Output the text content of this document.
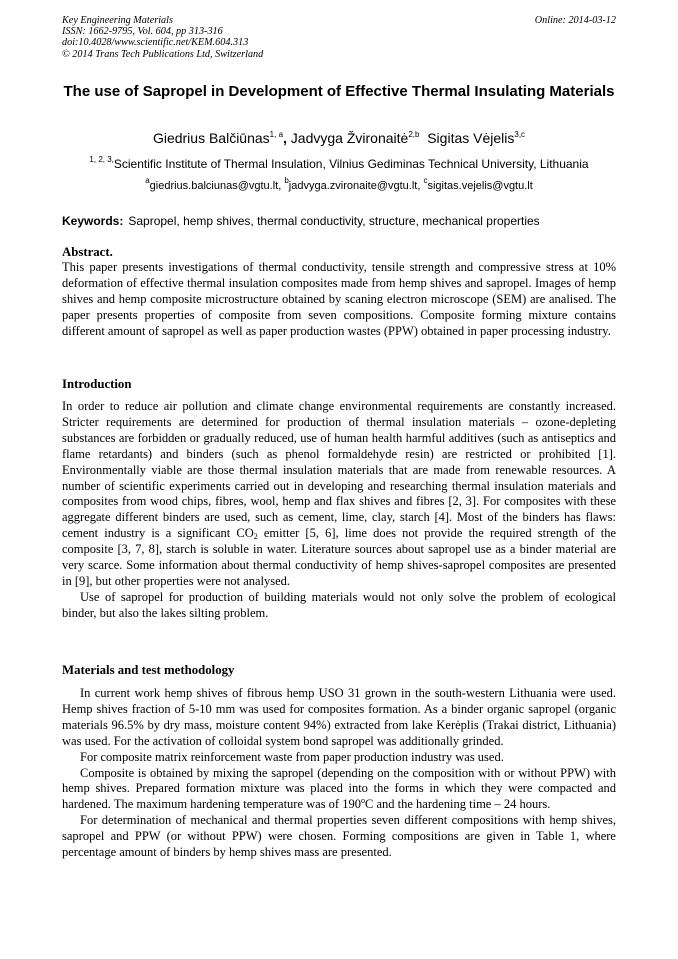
Key Engineering Materials
ISSN: 1662-9795, Vol. 604, pp 313-316
doi:10.4028/www.scientific.net/KEM.604.313
© 2014 Trans Tech Publications Ltd, Switzerland
Online: 2014-03-12
The use of Sapropel in Development of Effective Thermal Insulating Materials
Giedrius Balčiūnas$^{1, a}$, Jadvyga Žvironaitė$^{2,b}$ Sigitas Vėjelis$^{3,c}$
$^{1, 2, 3,}$Scientific Institute of Thermal Insulation, Vilnius Gediminas Technical University, Lithuania
$^a$giedrius.balciunas@vgtu.lt, $^b$jadvyga.zvironaite@vgtu.lt, $^c$sigitas.vejelis@vgtu.lt
Keywords: Sapropel, hemp shives, thermal conductivity, structure, mechanical properties
Abstract.

This paper presents investigations of thermal conductivity, tensile strength and compressive stress at 10% deformation of effective thermal insulation composites made from hemp shives and sapropel. Images of hemp shives and hemp composite microstructure obtained by scaning electron microscope (SEM) are analised. The paper presents properties of composite from seven compositions. Composite forming mixture contains different amount of sapropel as well as paper production wastes (PPW) obtained in paper processing industry.

Introduction

In order to reduce air pollution and climate change environmental requirements are constantly increased. Stricter requirements are determined for production of thermal insulation materials – ozone-depleting substances are forbidden or gradually reduced, use of human health harmful additives (such as antiseptics and flame retardants) and binders (such as phenol formaldehyde resin) are restricted or prohibited [1]. Environmentally viable are those thermal insulation materials that are made from renewable resources. A number of scientific experiments carried out in developing and researching thermal insulation materials and composites from wood chips, fibres, wool, hemp and flax shives and fibres [2, 3]. For composites with these aggregate different binders are used, such as cement, lime, clay, starch [4]. Most of the binders has flaws: cement industry is a significant $CO_2$ emitter [5, 6], lime does not provide the required strength of the composite [3, 7, 8], starch is soluble in water. Literature sources about sapropel use as a binder material are very scarce. Some information about thermal conductivity of hemp shives-sapropel composites are presented in [9], but other properties were not analysed.

Use of sapropel for production of building materials would not only solve the problem of ecological binder, but also the lakes silting problem.

Materials and test methodology

In current work hemp shives of fibrous hemp USO 31 grown in the south-western Lithuania were used. Hemp shives fraction of 5-10 mm was used for composites formation. As a binder organic sapropel (organic materials 96.5% by dry mass, moisture content 94%) extracted from lake Kerėplis (Trakai district, Lithuania) was used. For the activation of colloidal system bond sapropel was additionally grinded.

For composite matrix reinforcement waste from paper production industry was used.

Composite is obtained by mixing the sapropel (depending on the composition with or without PPW) with hemp shives. Prepared formation mixture was placed into the forms in which they were compacted and hardened. The maximum hardening temperature was of 190$^o$C and the hardening time – 24 hours.

For determination of mechanical and thermal properties seven different compositions with hemp shives, sapropel and PPW (or without PPW) were chosen. Forming compositions are given in Table 1, where percentage amount of binders by hemp shives mass are presented.
